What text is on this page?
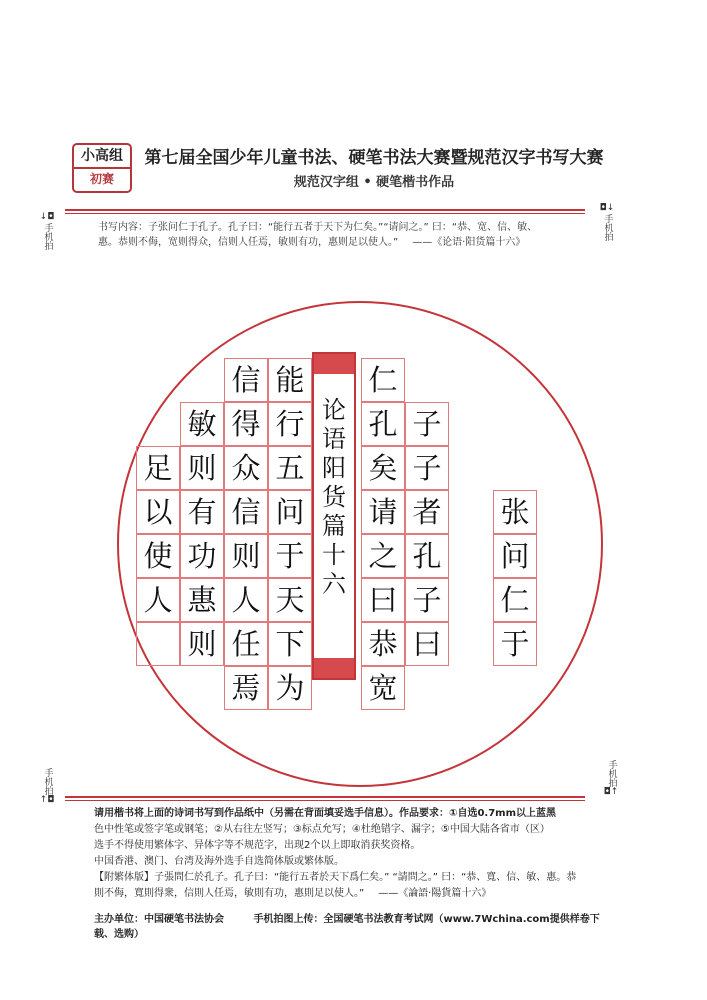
小高组
初赛
第七届全国少年儿童书法、硬笔书法大赛暨规范汉字书写大赛
规范汉字组 • 硬笔楷书作品
↓◘
手机拍
◘↓
手机拍
手机拍
↑◘
手机拍
◘↑
书写内容：子张问仁于孔子。孔子曰：“能行五者于天下为仁矣。”“请问之。” 曰：“恭、宽、信、敏、
惠。恭则不侮，宽则得众，信则人任焉，敏则有功，惠则足以使人。” ——《论语·阳货篇十六》
能 仁
孔
行
矣
子
子
五
请	张
者
问
问
孔
于 之
仁
子
天 曰
于
曰
下 恭
为 宽
信
敏 得
众
则
足
信
有
以
则
功
使
人
惠
人
任
则
焉
论
语
阳
货
篇
十
六
请用楷书将上面的诗词书写到作品纸中（另需在背面填妥选手信息）。作品要求：①自选0.7mm以上蓝黑
色中性笔或签字笔或钢笔；②从右往左竖写；③标点允写；④杜绝错字、漏字；⑤中国大陆各省市（区）
选手不得使用繁体字、异体字等不规范字，出现2个以上即取消获奖资格。
中国香港、澳门、台湾及海外选手自选简体版或繁体版。
【附繁体版】子張問仁於孔子。孔子曰：“能行五者於天下爲仁矣。” “請問之。” 曰：“恭、寬、信、敏、惠。恭
則不侮，寬則得衆，信則人任焉，敏則有功，惠則足以使人。” ——《論語·陽貨篇十六》
主办单位：中国硬笔书法协会	手机拍图上传：全国硬笔书法教育考试网（www.7Wchina.com提供样卷下载、选购）
